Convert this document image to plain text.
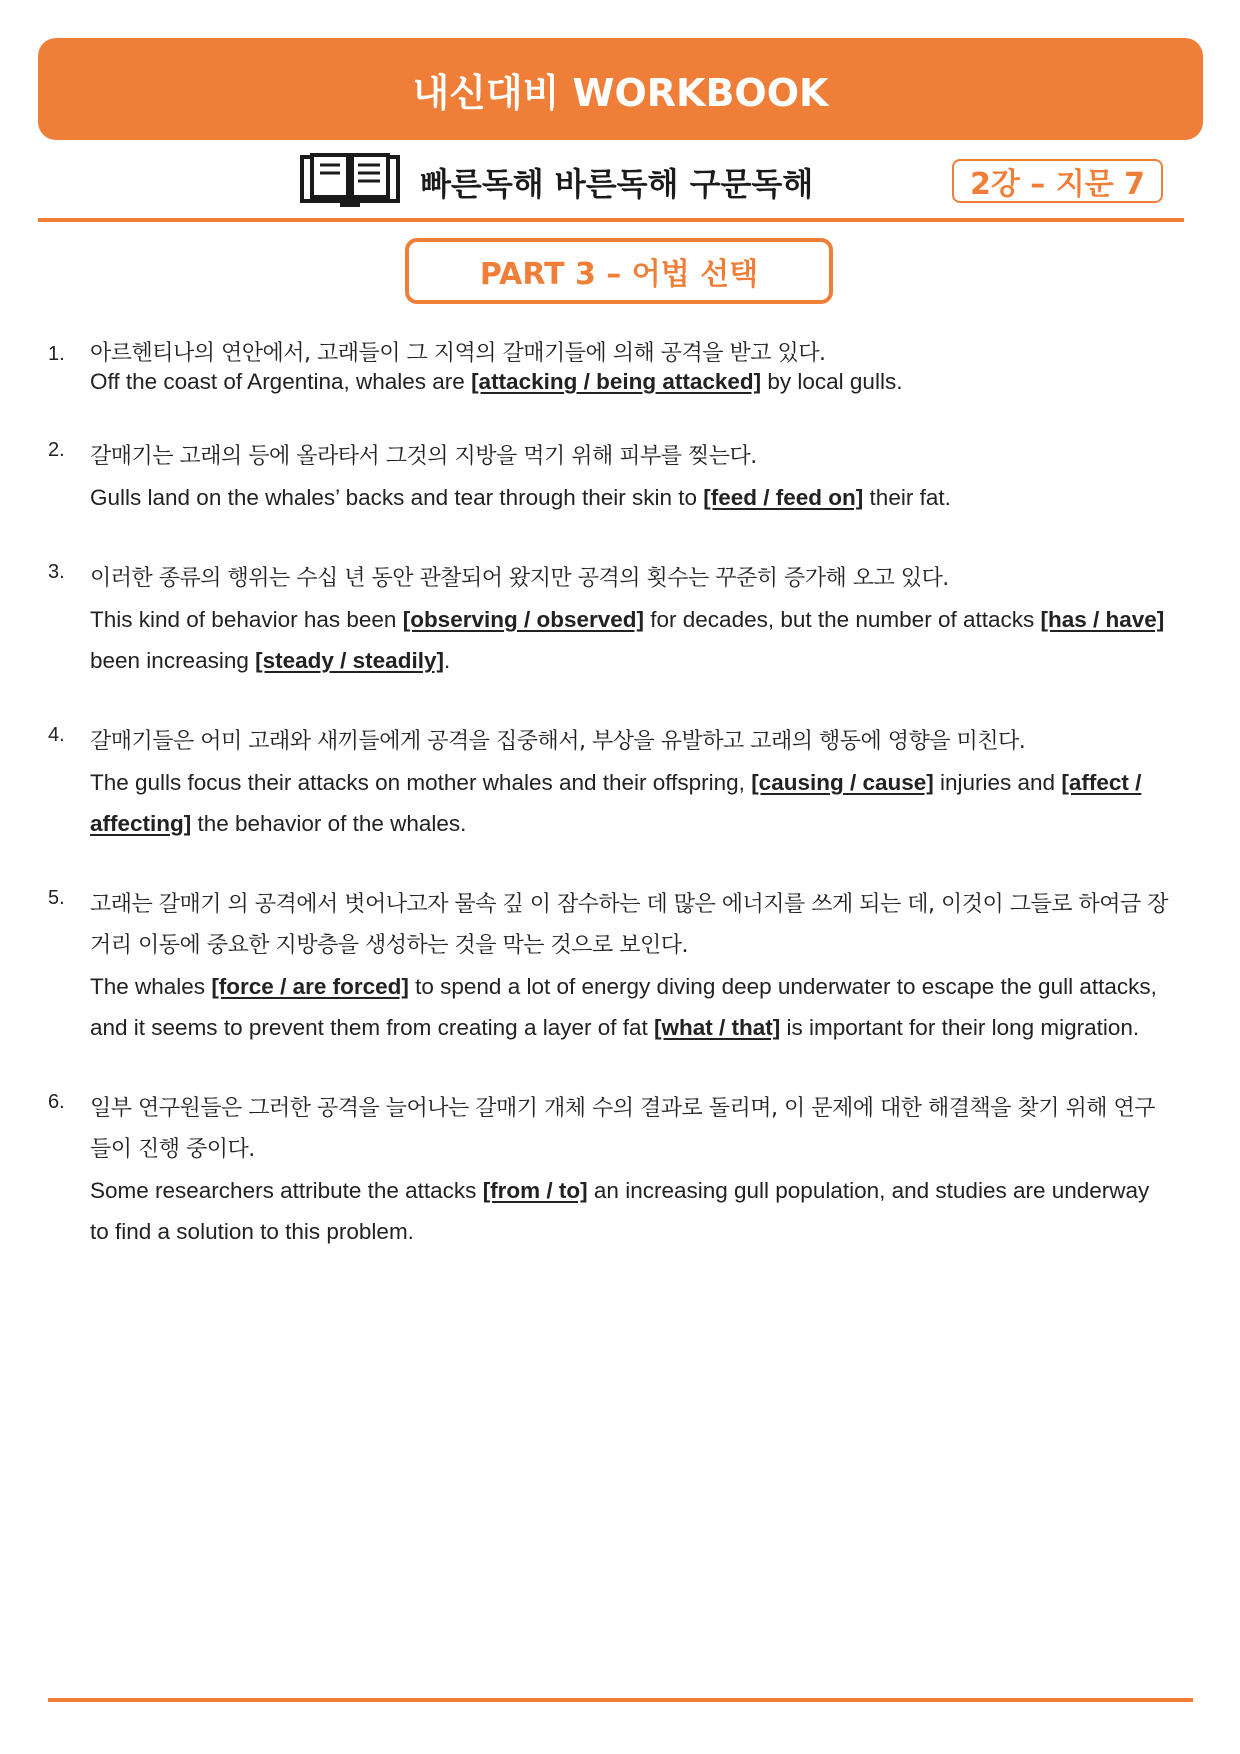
내신대비 WORKBOOK
빠른독해 바른독해 구문독해	2강 – 지문 7
PART 3 – 어법 선택
1. 아르헨티나의 연안에서, 고래들이 그 지역의 갈매기들에 의해 공격을 받고 있다.
Off the coast of Argentina, whales are [attacking / being attacked] by local gulls.
2. 갈매기는 고래의 등에 올라타서 그것의 지방을 먹기 위해 피부를 찢는다.
Gulls land on the whales’ backs and tear through their skin to [feed / feed on] their fat.
3. 이러한 종류의 행위는 수십 년 동안 관찰되어 왔지만 공격의 횟수는 꾸준히 증가해 오고 있다.
This kind of behavior has been [observing / observed] for decades, but the number of attacks [has / have] been increasing [steady / steadily].
4. 갈매기들은 어미 고래와 새끼들에게 공격을 집중해서, 부상을 유발하고 고래의 행동에 영향을 미친다.
The gulls focus their attacks on mother whales and their offspring, [causing / cause] injuries and [affect / affecting] the behavior of the whales.
5. 고래는 갈매기 의 공격에서 벗어나고자 물속 깊 이 잠수하는 데 많은 에너지를 쓰게 되는 데, 이것이 그들로 하여금 장거리 이동에 중요한 지방층을 생성하는 것을 막는 것으로 보인다.
The whales [force / are forced] to spend a lot of energy diving deep underwater to escape the gull attacks, and it seems to prevent them from creating a layer of fat [what / that] is important for their long migration.
6. 일부 연구원들은 그러한 공격을 늘어나는 갈매기 개체 수의 결과로 돌리며, 이 문제에 대한 해결책을 찾기 위해 연구들이 진행 중이다.
Some researchers attribute the attacks [from / to] an increasing gull population, and studies are underway to find a solution to this problem.
